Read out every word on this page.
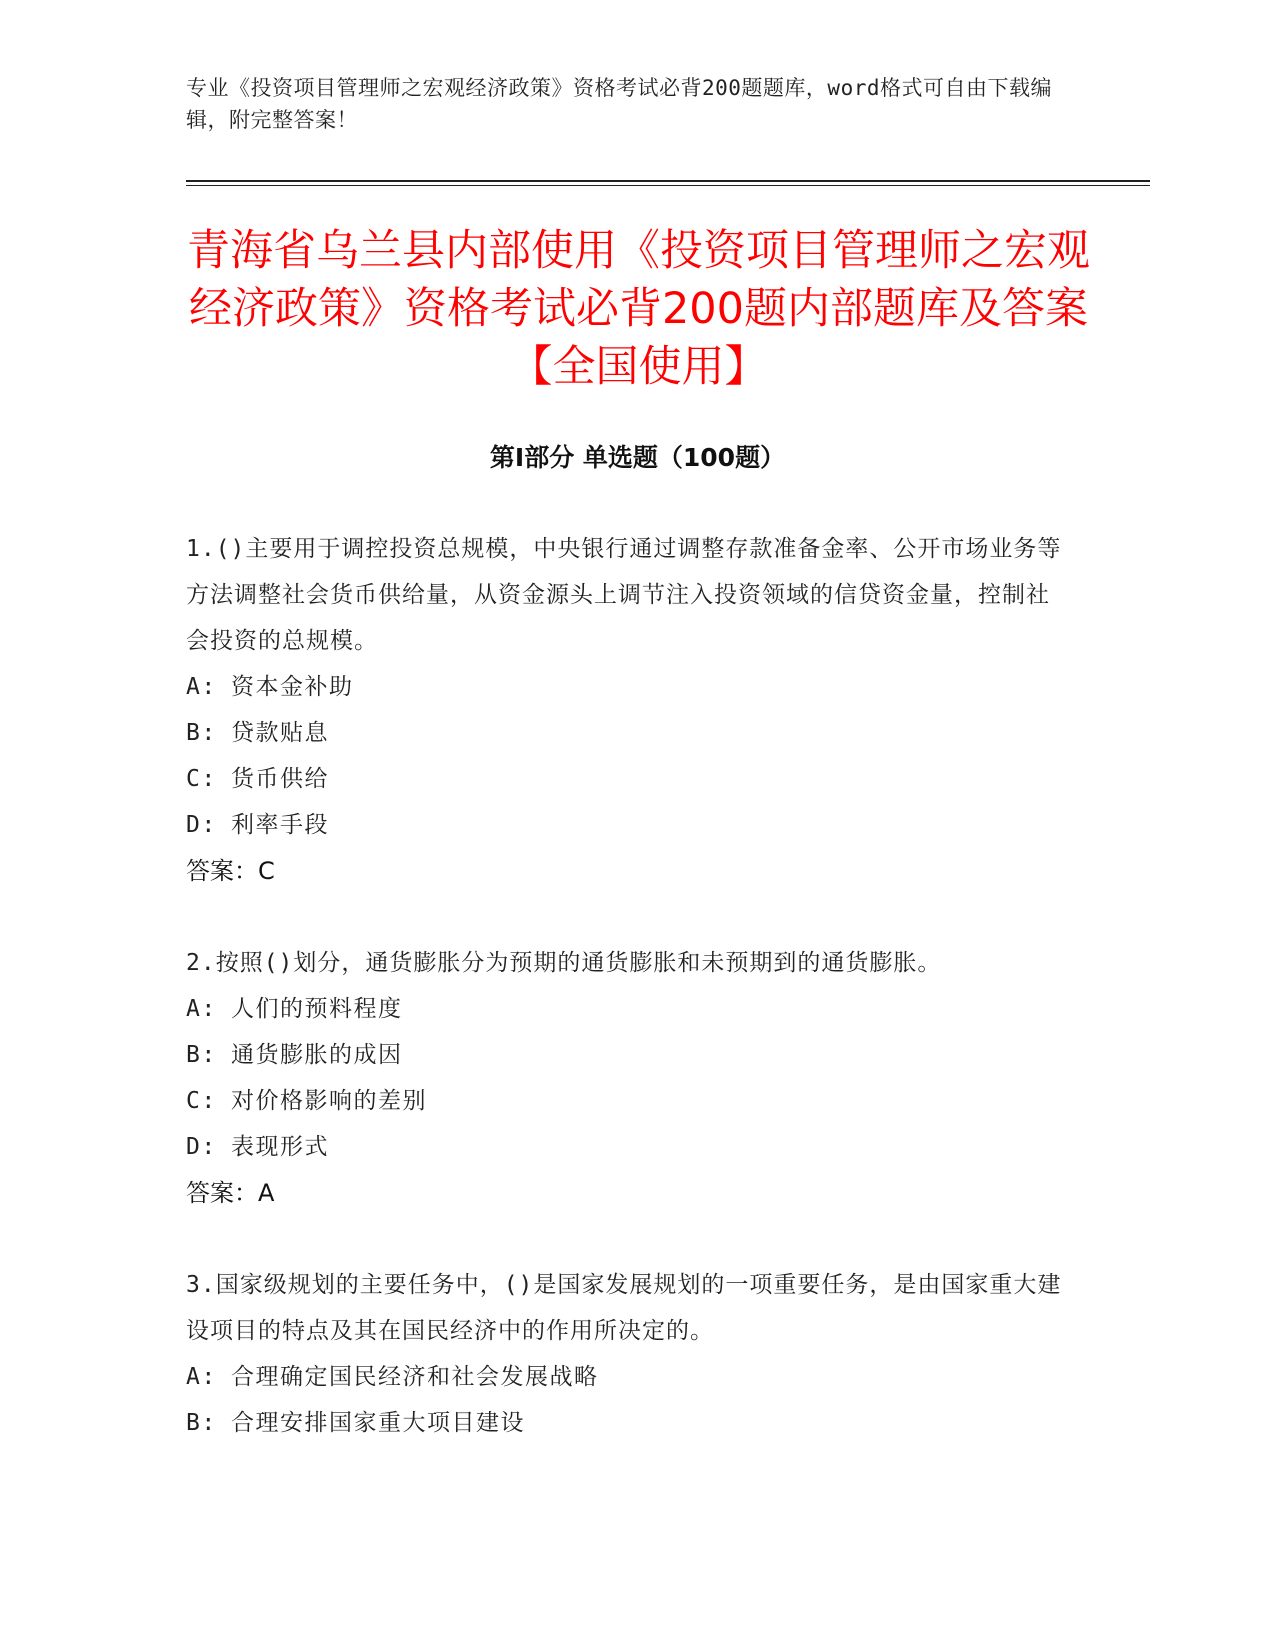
专业《投资项目管理师之宏观经济政策》资格考试必背200题题库，word格式可自由下载编辑，附完整答案！
青海省乌兰县内部使用《投资项目管理师之宏观经济政策》资格考试必背200题内部题库及答案【全国使用】
第Ⅰ部分 单选题（100题）

1.()主要用于调控投资总规模，中央银行通过调整存款准备金率、公开市场业务等方法调整社会货币供给量，从资金源头上调节注入投资领域的信贷资金量，控制社会投资的总规模。

A: 资本金补助

B: 贷款贴息

C: 货币供给

D: 利率手段

答案：C

2.按照()划分，通货膨胀分为预期的通货膨胀和未预期到的通货膨胀。

A: 人们的预料程度

B: 通货膨胀的成因

C: 对价格影响的差别

D: 表现形式

答案：A

3.国家级规划的主要任务中，()是国家发展规划的一项重要任务，是由国家重大建设项目的特点及其在国民经济中的作用所决定的。

A: 合理确定国民经济和社会发展战略

B: 合理安排国家重大项目建设
